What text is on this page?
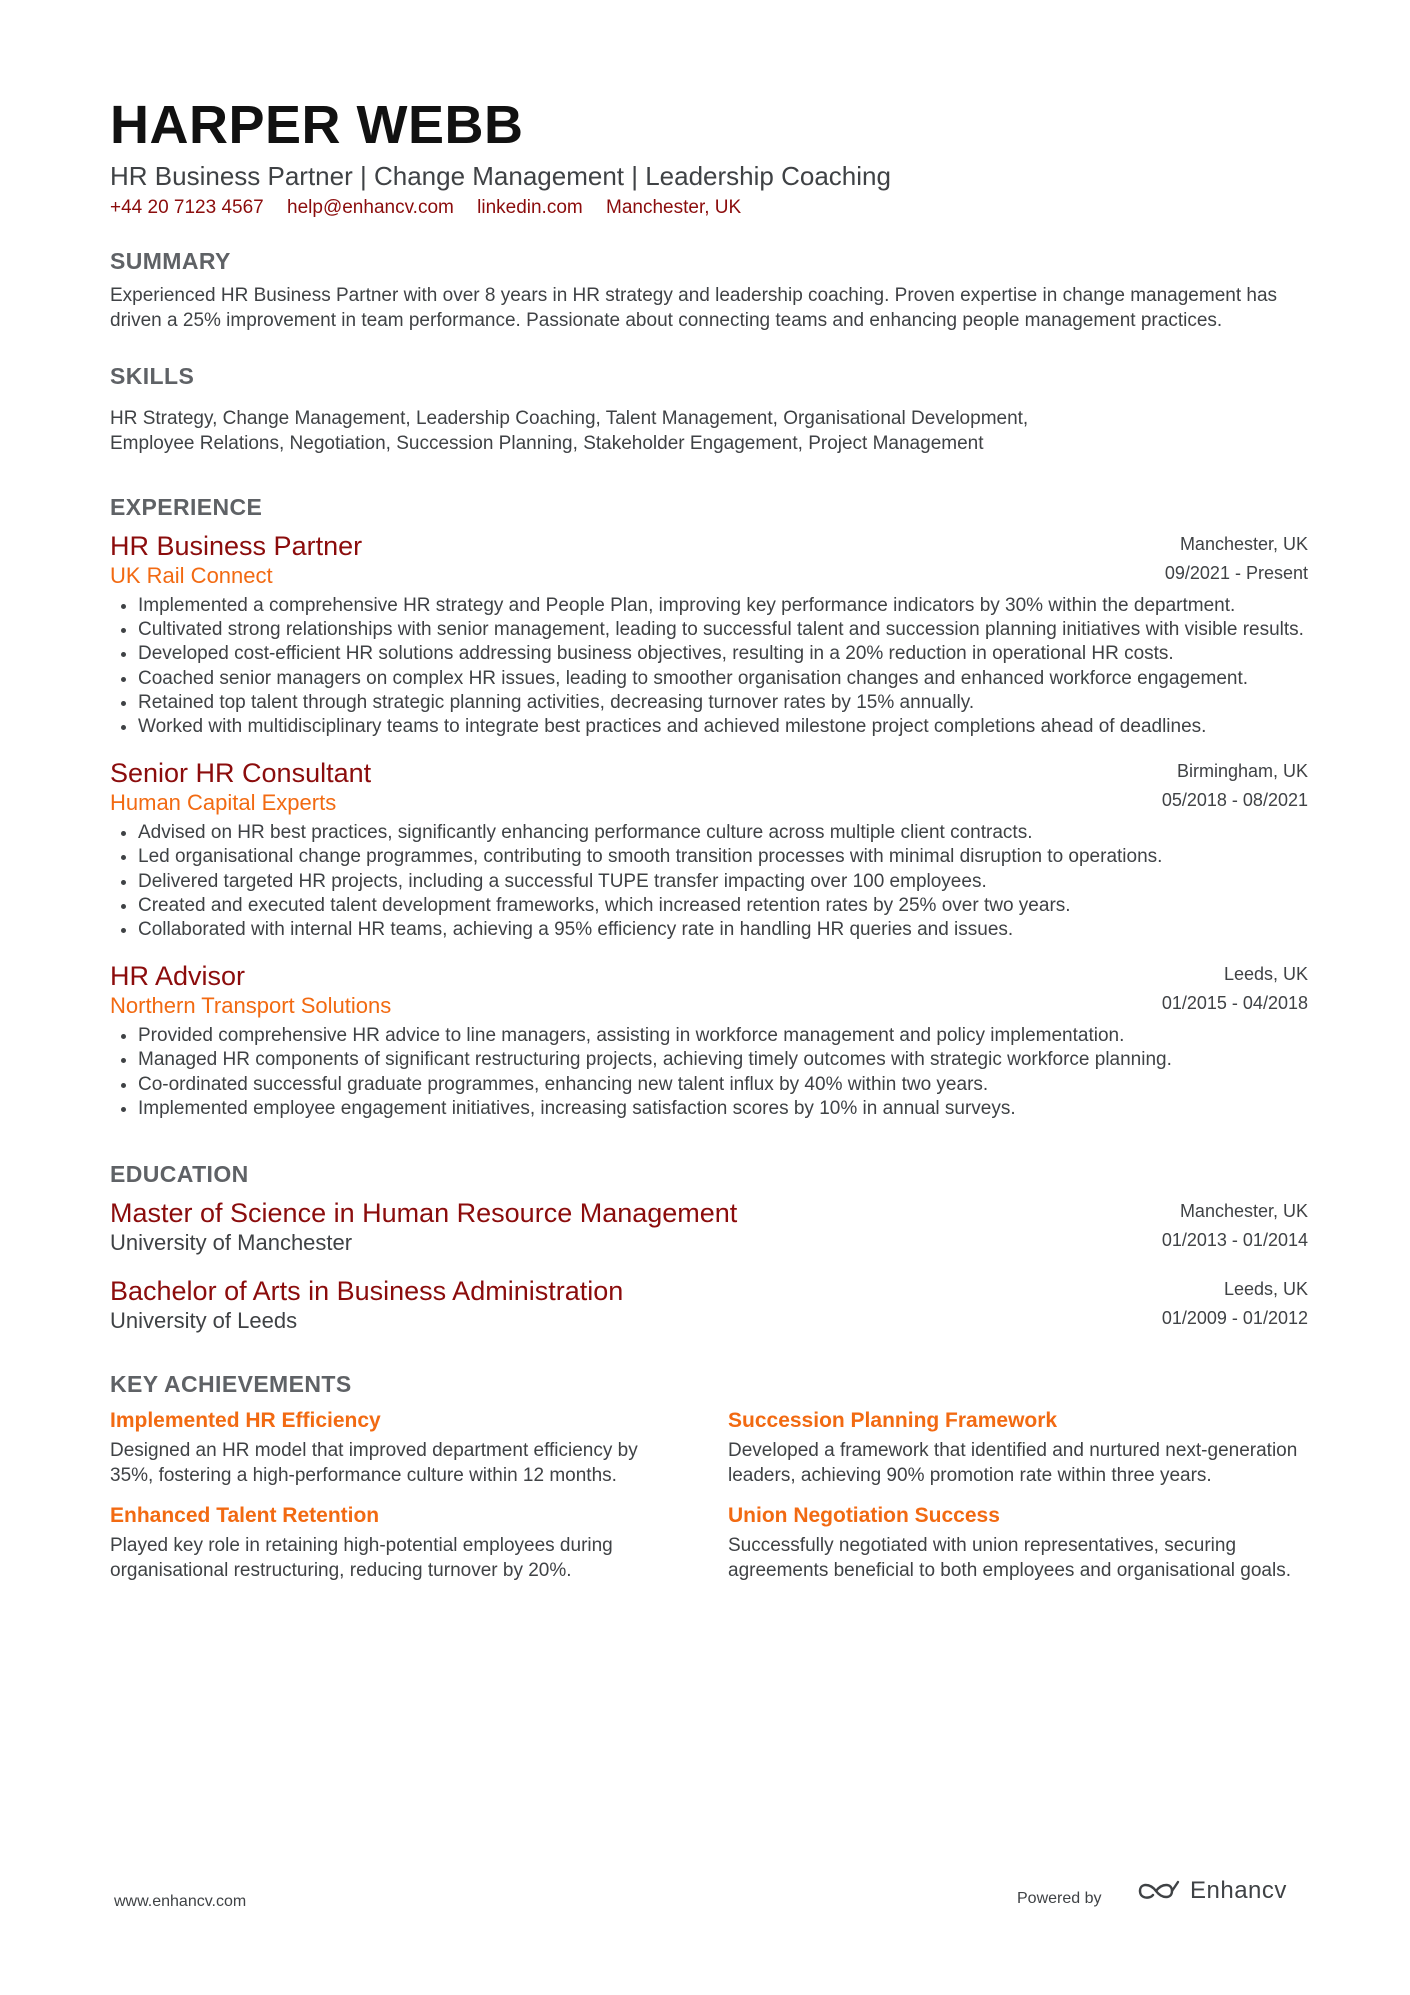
HARPER WEBB
HR Business Partner | Change Management | Leadership Coaching
+44 20 7123 4567 help@enhancv.com linkedin.com Manchester, UK
SUMMARY
Experienced HR Business Partner with over 8 years in HR strategy and leadership coaching. Proven expertise in change management has driven a 25% improvement in team performance. Passionate about connecting teams and enhancing people management practices.
SKILLS
HR Strategy, Change Management, Leadership Coaching, Talent Management, Organisational Development, Employee Relations, Negotiation, Succession Planning, Stakeholder Engagement, Project Management
EXPERIENCE
HR Business Partner
UK Rail Connect
Manchester, UK
09/2021 - Present
• Implemented a comprehensive HR strategy and People Plan, improving key performance indicators by 30% within the department.
• Cultivated strong relationships with senior management, leading to successful talent and succession planning initiatives with visible results.
• Developed cost-efficient HR solutions addressing business objectives, resulting in a 20% reduction in operational HR costs.
• Coached senior managers on complex HR issues, leading to smoother organisation changes and enhanced workforce engagement.
• Retained top talent through strategic planning activities, decreasing turnover rates by 15% annually.
• Worked with multidisciplinary teams to integrate best practices and achieved milestone project completions ahead of deadlines.
Senior HR Consultant
Human Capital Experts
Birmingham, UK
05/2018 - 08/2021
• Advised on HR best practices, significantly enhancing performance culture across multiple client contracts.
• Led organisational change programmes, contributing to smooth transition processes with minimal disruption to operations.
• Delivered targeted HR projects, including a successful TUPE transfer impacting over 100 employees.
• Created and executed talent development frameworks, which increased retention rates by 25% over two years.
• Collaborated with internal HR teams, achieving a 95% efficiency rate in handling HR queries and issues.
HR Advisor
Northern Transport Solutions
Leeds, UK
01/2015 - 04/2018
• Provided comprehensive HR advice to line managers, assisting in workforce management and policy implementation.
• Managed HR components of significant restructuring projects, achieving timely outcomes with strategic workforce planning.
• Co-ordinated successful graduate programmes, enhancing new talent influx by 40% within two years.
• Implemented employee engagement initiatives, increasing satisfaction scores by 10% in annual surveys.
EDUCATION
Master of Science in Human Resource Management
University of Manchester
Manchester, UK
01/2013 - 01/2014
Bachelor of Arts in Business Administration
University of Leeds
Leeds, UK
01/2009 - 01/2012
KEY ACHIEVEMENTS
Implemented HR Efficiency
Designed an HR model that improved department efficiency by 35%, fostering a high-performance culture within 12 months.
Succession Planning Framework
Developed a framework that identified and nurtured next-generation leaders, achieving 90% promotion rate within three years.
Enhanced Talent Retention
Played key role in retaining high-potential employees during organisational restructuring, reducing turnover by 20%.
Union Negotiation Success
Successfully negotiated with union representatives, securing agreements beneficial to both employees and organisational goals.
www.enhancv.com	Powered by	Enhancv
